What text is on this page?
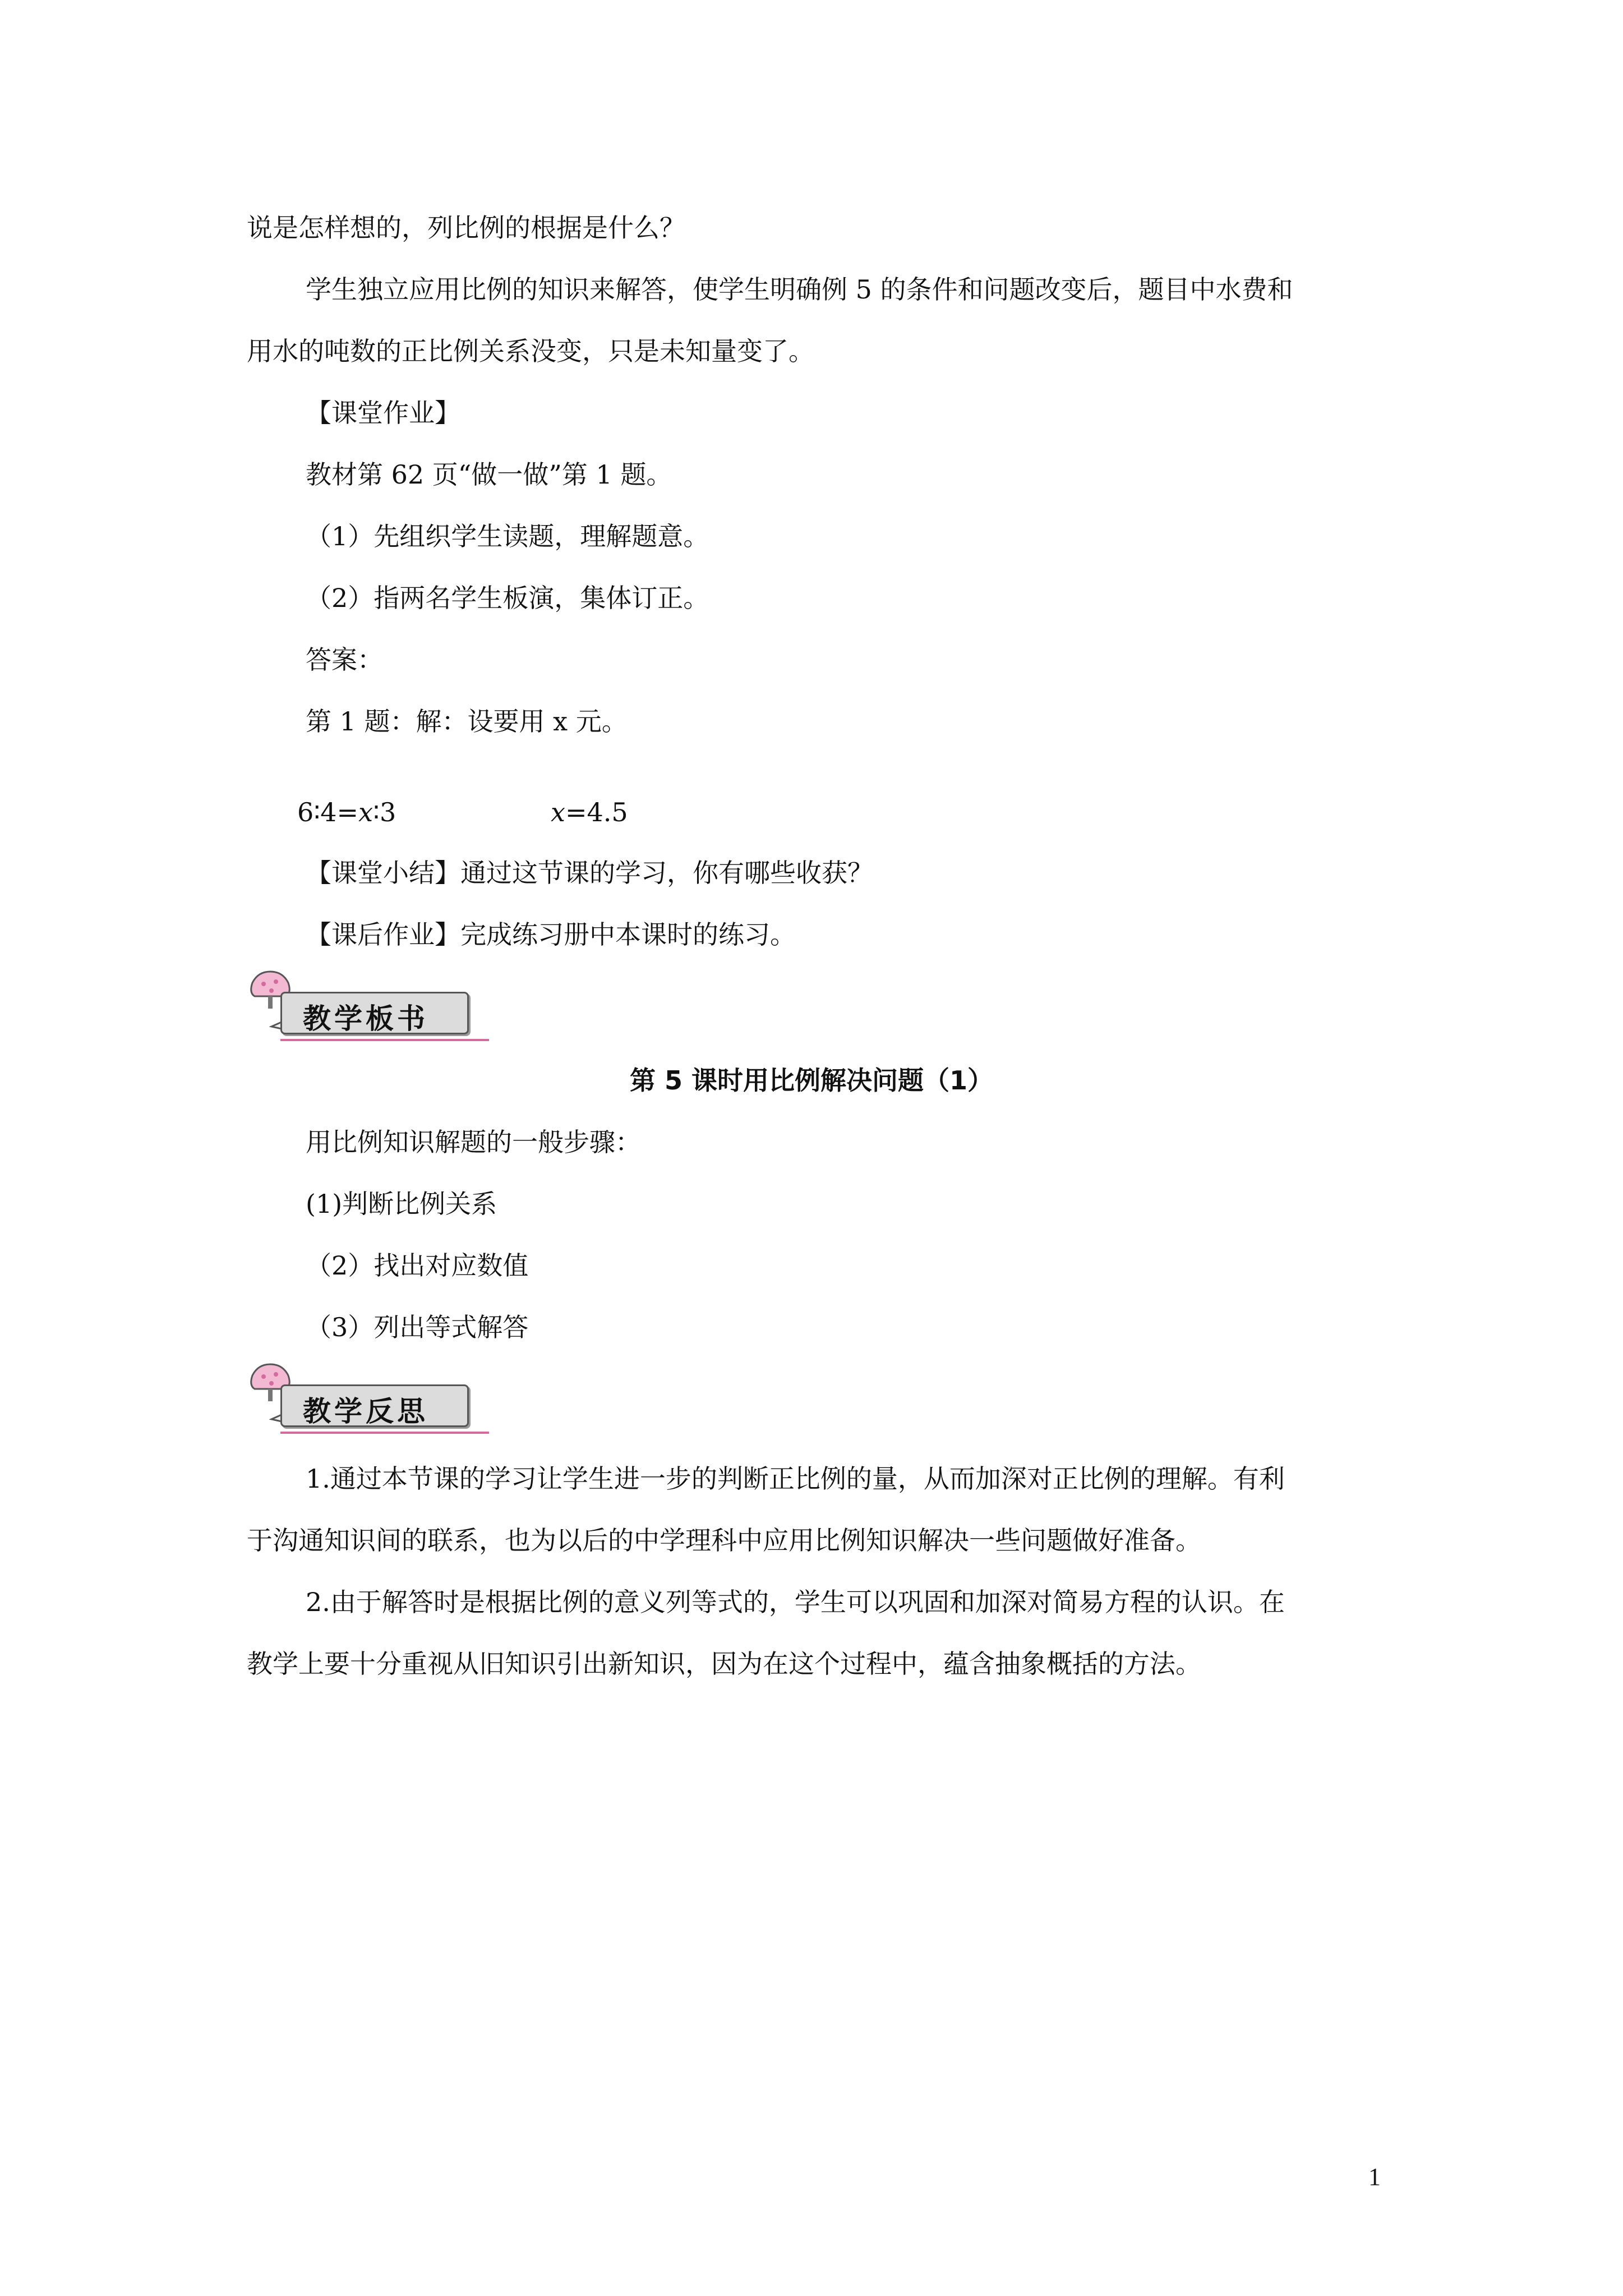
说是怎样想的，列比例的根据是什么？
学生独立应用比例的知识来解答，使学生明确例 5 的条件和问题改变后，题目中水费和
用水的吨数的正比例关系没变，只是未知量变了。
【课堂作业】
教材第 62 页“做一做”第 1 题。
（1）先组织学生读题，理解题意。
（2）指两名学生板演，集体订正。
答案：
第 1 题：解：设要用 x 元。
6∶4=x∶3	x=4.5
【课堂小结】通过这节课的学习，你有哪些收获？
【课后作业】完成练习册中本课时的练习。
教学板书
第 5 课时用比例解决问题（1）
用比例知识解题的一般步骤：
(1)判断比例关系
（2）找出对应数值
（3）列出等式解答
教学反思
1.通过本节课的学习让学生进一步的判断正比例的量，从而加深对正比例的理解。有利
于沟通知识间的联系，也为以后的中学理科中应用比例知识解决一些问题做好准备。
2.由于解答时是根据比例的意义列等式的，学生可以巩固和加深对简易方程的认识。在
教学上要十分重视从旧知识引出新知识，因为在这个过程中，蕴含抽象概括的方法。
1
